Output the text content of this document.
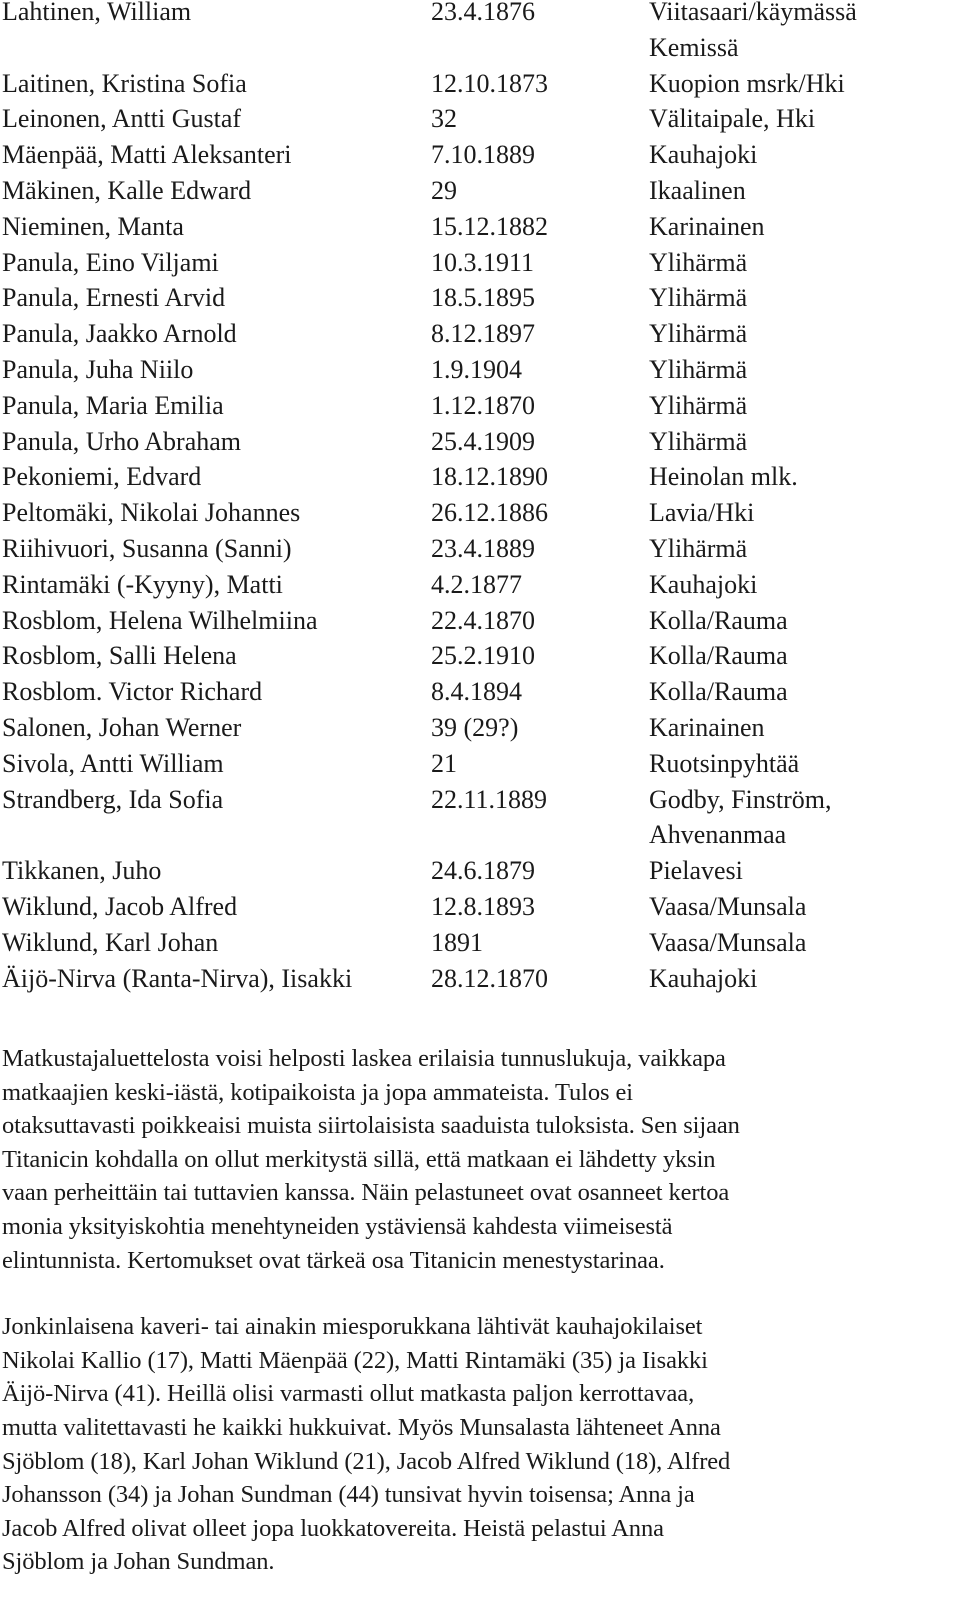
Lahtinen, William	23.4.1876	Viitasaari/käymässä
Kemissä
Laitinen, Kristina Sofia	12.10.1873	Kuopion msrk/Hki
Leinonen, Antti Gustaf	32	Välitaipale, Hki
Mäenpää, Matti Aleksanteri	7.10.1889	Kauhajoki
Mäkinen, Kalle Edward	29	Ikaalinen
Nieminen, Manta	15.12.1882	Karinainen
Panula, Eino Viljami	10.3.1911	Ylihärmä
Panula, Ernesti Arvid	18.5.1895	Ylihärmä
Panula, Jaakko Arnold	8.12.1897	Ylihärmä
Panula, Juha Niilo	1.9.1904	Ylihärmä
Panula, Maria Emilia	1.12.1870	Ylihärmä
Panula, Urho Abraham	25.4.1909	Ylihärmä
Pekoniemi, Edvard	18.12.1890	Heinolan mlk.
Peltomäki, Nikolai Johannes	26.12.1886	Lavia/Hki
Riihivuori, Susanna (Sanni)	23.4.1889	Ylihärmä
Rintamäki (-Kyyny), Matti	4.2.1877	Kauhajoki
Rosblom, Helena Wilhelmiina	22.4.1870	Kolla/Rauma
Rosblom, Salli Helena	25.2.1910	Kolla/Rauma
Rosblom. Victor Richard	8.4.1894	Kolla/Rauma
Salonen, Johan Werner	39 (29?)	Karinainen
Sivola, Antti William	21	Ruotsinpyhtää
Strandberg, Ida Sofia	22.11.1889	Godby, Finström,
Ahvenanmaa
Tikkanen, Juho	24.6.1879	Pielavesi
Wiklund, Jacob Alfred	12.8.1893	Vaasa/Munsala
Wiklund, Karl Johan	1891	Vaasa/Munsala
Äijö-Nirva (Ranta-Nirva), Iisakki	28.12.1870	Kauhajoki

Matkustajaluettelosta voisi helposti laskea erilaisia tunnuslukuja, vaikkapa
matkaajien keski-iästä, kotipaikoista ja jopa ammateista. Tulos ei
otaksuttavasti poikkeaisi muista siirtolaisista saaduista tuloksista. Sen sijaan
Titanicin kohdalla on ollut merkitystä sillä, että matkaan ei lähdetty yksin
vaan perheittäin tai tuttavien kanssa. Näin pelastuneet ovat osanneet kertoa
monia yksityiskohtia menehtyneiden ystäviensä kahdesta viimeisestä
elintunnista. Kertomukset ovat tärkeä osa Titanicin menestystarinaa.

Jonkinlaisena kaveri- tai ainakin miesporukkana lähtivät kauhajokilaiset
Nikolai Kallio (17), Matti Mäenpää (22), Matti Rintamäki (35) ja Iisakki
Äijö-Nirva (41). Heillä olisi varmasti ollut matkasta paljon kerrottavaa,
mutta valitettavasti he kaikki hukkuivat. Myös Munsalasta lähteneet Anna
Sjöblom (18), Karl Johan Wiklund (21), Jacob Alfred Wiklund (18), Alfred
Johansson (34) ja Johan Sundman (44) tunsivat hyvin toisensa; Anna ja
Jacob Alfred olivat olleet jopa luokkatovereita. Heistä pelastui Anna
Sjöblom ja Johan Sundman.
